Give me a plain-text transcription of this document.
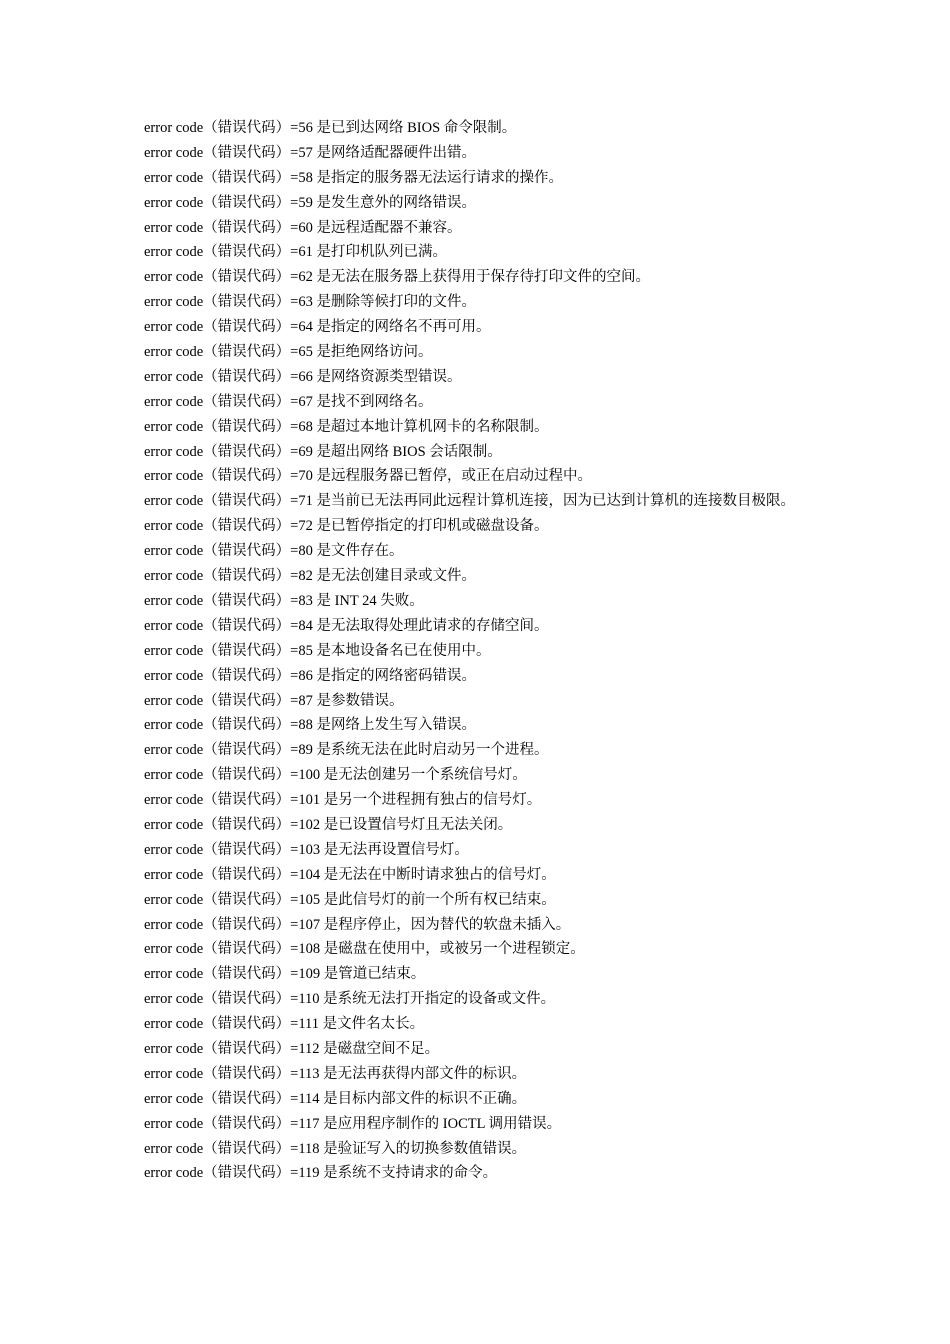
error code（错误代码）=56 是已到达网络 BIOS 命令限制。
error code（错误代码）=57 是网络适配器硬件出错。
error code（错误代码）=58 是指定的服务器无法运行请求的操作。
error code（错误代码）=59 是发生意外的网络错误。
error code（错误代码）=60 是远程适配器不兼容。
error code（错误代码）=61 是打印机队列已满。
error code（错误代码）=62 是无法在服务器上获得用于保存待打印文件的空间。
error code（错误代码）=63 是删除等候打印的文件。
error code（错误代码）=64 是指定的网络名不再可用。
error code（错误代码）=65 是拒绝网络访问。
error code（错误代码）=66 是网络资源类型错误。
error code（错误代码）=67 是找不到网络名。
error code（错误代码）=68 是超过本地计算机网卡的名称限制。
error code（错误代码）=69 是超出网络 BIOS 会话限制。
error code（错误代码）=70 是远程服务器已暂停，或正在启动过程中。
error code（错误代码）=71 是当前已无法再同此远程计算机连接，因为已达到计算机的连接数目极限。
error code（错误代码）=72 是已暂停指定的打印机或磁盘设备。
error code（错误代码）=80 是文件存在。
error code（错误代码）=82 是无法创建目录或文件。
error code（错误代码）=83 是 INT 24 失败。
error code（错误代码）=84 是无法取得处理此请求的存储空间。
error code（错误代码）=85 是本地设备名已在使用中。
error code（错误代码）=86 是指定的网络密码错误。
error code（错误代码）=87 是参数错误。
error code（错误代码）=88 是网络上发生写入错误。
error code（错误代码）=89 是系统无法在此时启动另一个进程。
error code（错误代码）=100 是无法创建另一个系统信号灯。
error code（错误代码）=101 是另一个进程拥有独占的信号灯。
error code（错误代码）=102 是已设置信号灯且无法关闭。
error code（错误代码）=103 是无法再设置信号灯。
error code（错误代码）=104 是无法在中断时请求独占的信号灯。
error code（错误代码）=105 是此信号灯的前一个所有权已结束。
error code（错误代码）=107 是程序停止，因为替代的软盘未插入。
error code（错误代码）=108 是磁盘在使用中，或被另一个进程锁定。
error code（错误代码）=109 是管道已结束。
error code（错误代码）=110 是系统无法打开指定的设备或文件。
error code（错误代码）=111 是文件名太长。
error code（错误代码）=112 是磁盘空间不足。
error code（错误代码）=113 是无法再获得内部文件的标识。
error code（错误代码）=114 是目标内部文件的标识不正确。
error code（错误代码）=117 是应用程序制作的 IOCTL 调用错误。
error code（错误代码）=118 是验证写入的切换参数值错误。
error code（错误代码）=119 是系统不支持请求的命令。
